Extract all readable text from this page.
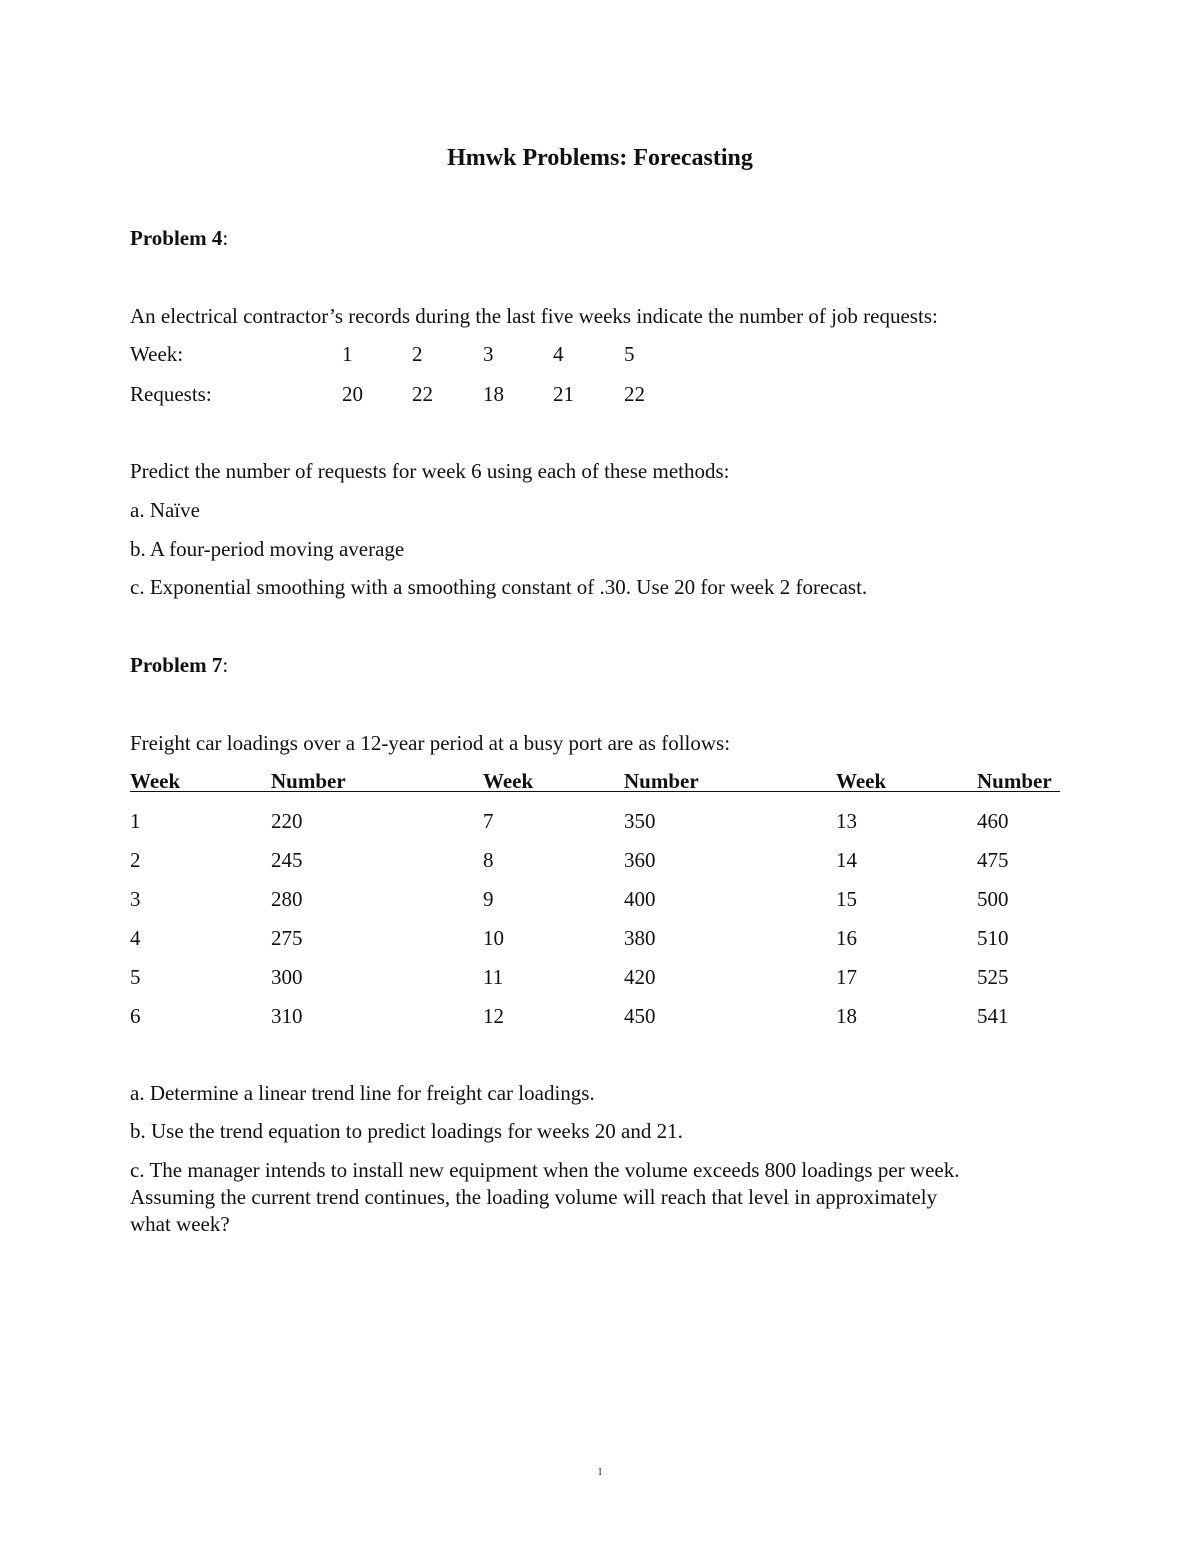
Hmwk Problems: Forecasting
Problem 4:
An electrical contractor’s records during the last five weeks indicate the number of job requests:
Week:	1	2	3	4	5
Requests:	20 22 18 21 22
Predict the number of requests for week 6 using each of these methods:
a. Naïve
b. A four-period moving average
c. Exponential smoothing with a smoothing constant of .30. Use 20 for week 2 forecast.
Problem 7:
Freight car loadings over a 12-year period at a busy port are as follows:
Week	Number	Week	Number	Week	Number
1	220	7	350	13	460
2	245	8	360	14	475
3	280	9	400	15	500
4	275	10	380	16	510
5	300	11	420	17	525
6	310	12	450	18	541
a. Determine a linear trend line for freight car loadings.
b. Use the trend equation to predict loadings for weeks 20 and 21.
c. The manager intends to install new equipment when the volume exceeds 800 loadings per week.
Assuming the current trend continues, the loading volume will reach that level in approximately
what week?
1
